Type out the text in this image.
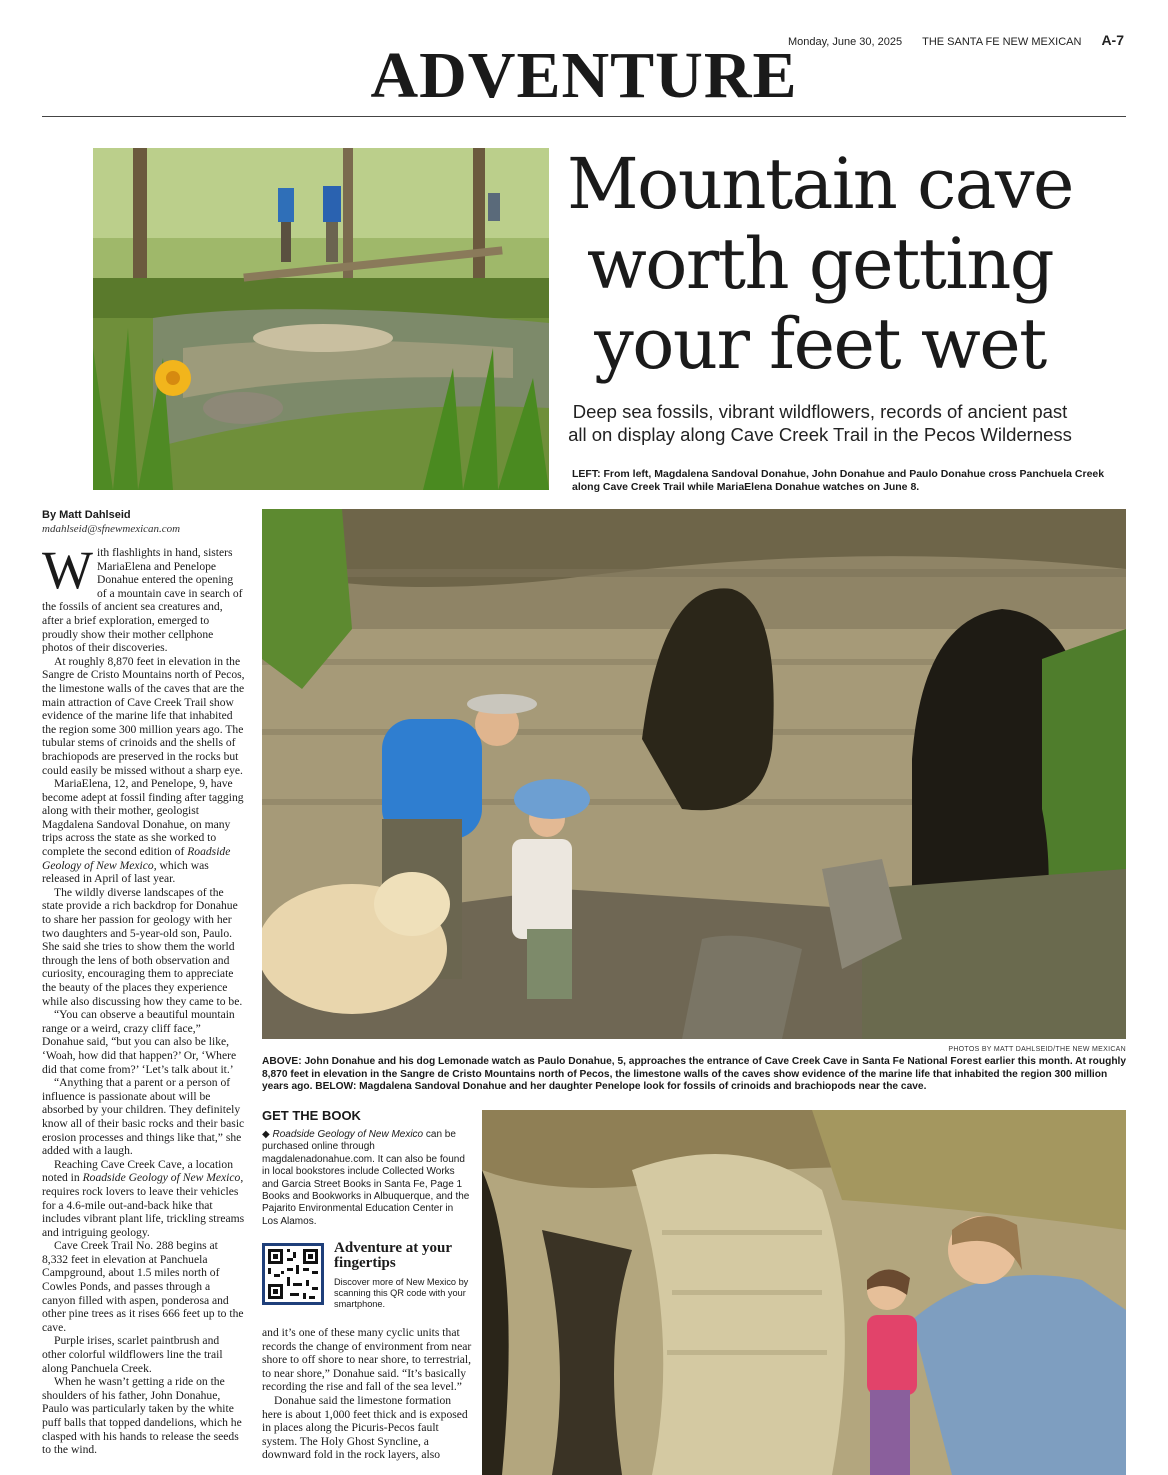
Monday, June 30, 2025 THE SANTA FE NEW MEXICAN A-7
ADVENTURE
Mountain cave
worth getting
your feet wet
Deep sea fossils, vibrant wildflowers, records of ancient past
all on display along Cave Creek Trail in the Pecos Wilderness
LEFT: From left, Magdalena Sandoval Donahue, John Donahue and Paulo Donahue cross Panchuela Creek along Cave Creek Trail while MariaElena Donahue watches on June 8.
By Matt Dahlseid
mdahlseid@sfnewmexican.com

With flashlights in hand, sisters MariaElena and Penelope Donahue entered the opening of a mountain cave in search of the fossils of ancient sea creatures and, after a brief exploration, emerged to proudly show their mother cellphone photos of their discoveries.

At roughly 8,870 feet in elevation in the Sangre de Cristo Mountains north of Pecos, the limestone walls of the caves that are the main attraction of Cave Creek Trail show evidence of the marine life that inhabited the region some 300 million years ago. The tubular stems of crinoids and the shells of brachiopods are preserved in the rocks but could easily be missed without a sharp eye.

MariaElena, 12, and Penelope, 9, have become adept at fossil finding after tagging along with their mother, geologist Magdalena Sandoval Donahue, on many trips across the state as she worked to complete the second edition of Roadside Geology of New Mexico, which was released in April of last year.

The wildly diverse landscapes of the state provide a rich backdrop for Donahue to share her passion for geology with her two daughters and 5-year-old son, Paulo. She said she tries to show them the world through the lens of both observation and curiosity, encouraging them to appreciate the beauty of the places they experience while also discussing how they came to be.

“You can observe a beautiful mountain range or a weird, crazy cliff face,” Donahue said, “but you can also be like, ‘Woah, how did that happen?’ Or, ‘Where did that come from?’ ‘Let’s talk about it.’

“Anything that a parent or a person of influence is passionate about will be absorbed by your children. They definitely know all of their basic rocks and their basic erosion processes and things like that,” she added with a laugh.

Reaching Cave Creek Cave, a location noted in Roadside Geology of New Mexico, requires rock lovers to leave their vehicles for a 4.6-mile out-and-back hike that includes vibrant plant life, trickling streams and intriguing geology.

Cave Creek Trail No. 288 begins at 8,332 feet in elevation at Panchuela Campground, about 1.5 miles north of Cowles Ponds, and passes through a canyon filled with aspen, ponderosa and other pine trees as it rises 666 feet up to the cave.

Purple irises, scarlet paintbrush and other colorful wildflowers line the trail along Panchuela Creek.

When he wasn’t getting a ride on the shoulders of his father, John Donahue, Paulo was particularly taken by the white puff balls that topped dandelions, which he clasped with his hands to release the seeds to the wind.

PHOTOS BY MATT DAHLSEID/THE NEW MEXICAN
ABOVE: John Donahue and his dog Lemonade watch as Paulo Donahue, 5, approaches the entrance of Cave Creek Cave in Santa Fe National Forest earlier this month. At roughly 8,870 feet in elevation in the Sangre de Cristo Mountains north of Pecos, the limestone walls of the caves show evidence of the marine life that inhabited the region 300 million years ago. BELOW: Magdalena Sandoval Donahue and her daughter Penelope look for fossils of crinoids and brachiopods near the cave.
GET THE BOOK
◆ Roadside Geology of New Mexico can be purchased online through magdalenadonahue.com. It can also be found in local bookstores include Collected Works and Garcia Street Books in Santa Fe, Page 1 Books and Bookworks in Albuquerque, and the Pajarito Environmental Education Center in Los Alamos.
Adventure at your fingertips
Discover more of New Mexico by scanning this QR code with your smartphone.

and it’s one of these many cyclic units that records the change of environment from near shore to off shore to near shore, to terrestrial, to near shore,” Donahue said. “It’s basically recording the rise and fall of the sea level.”

Donahue said the limestone formation here is about 1,000 feet thick and is exposed in places along the Picuris-Pecos fault system. The Holy Ghost Syncline, a downward fold in the rock layers, also
